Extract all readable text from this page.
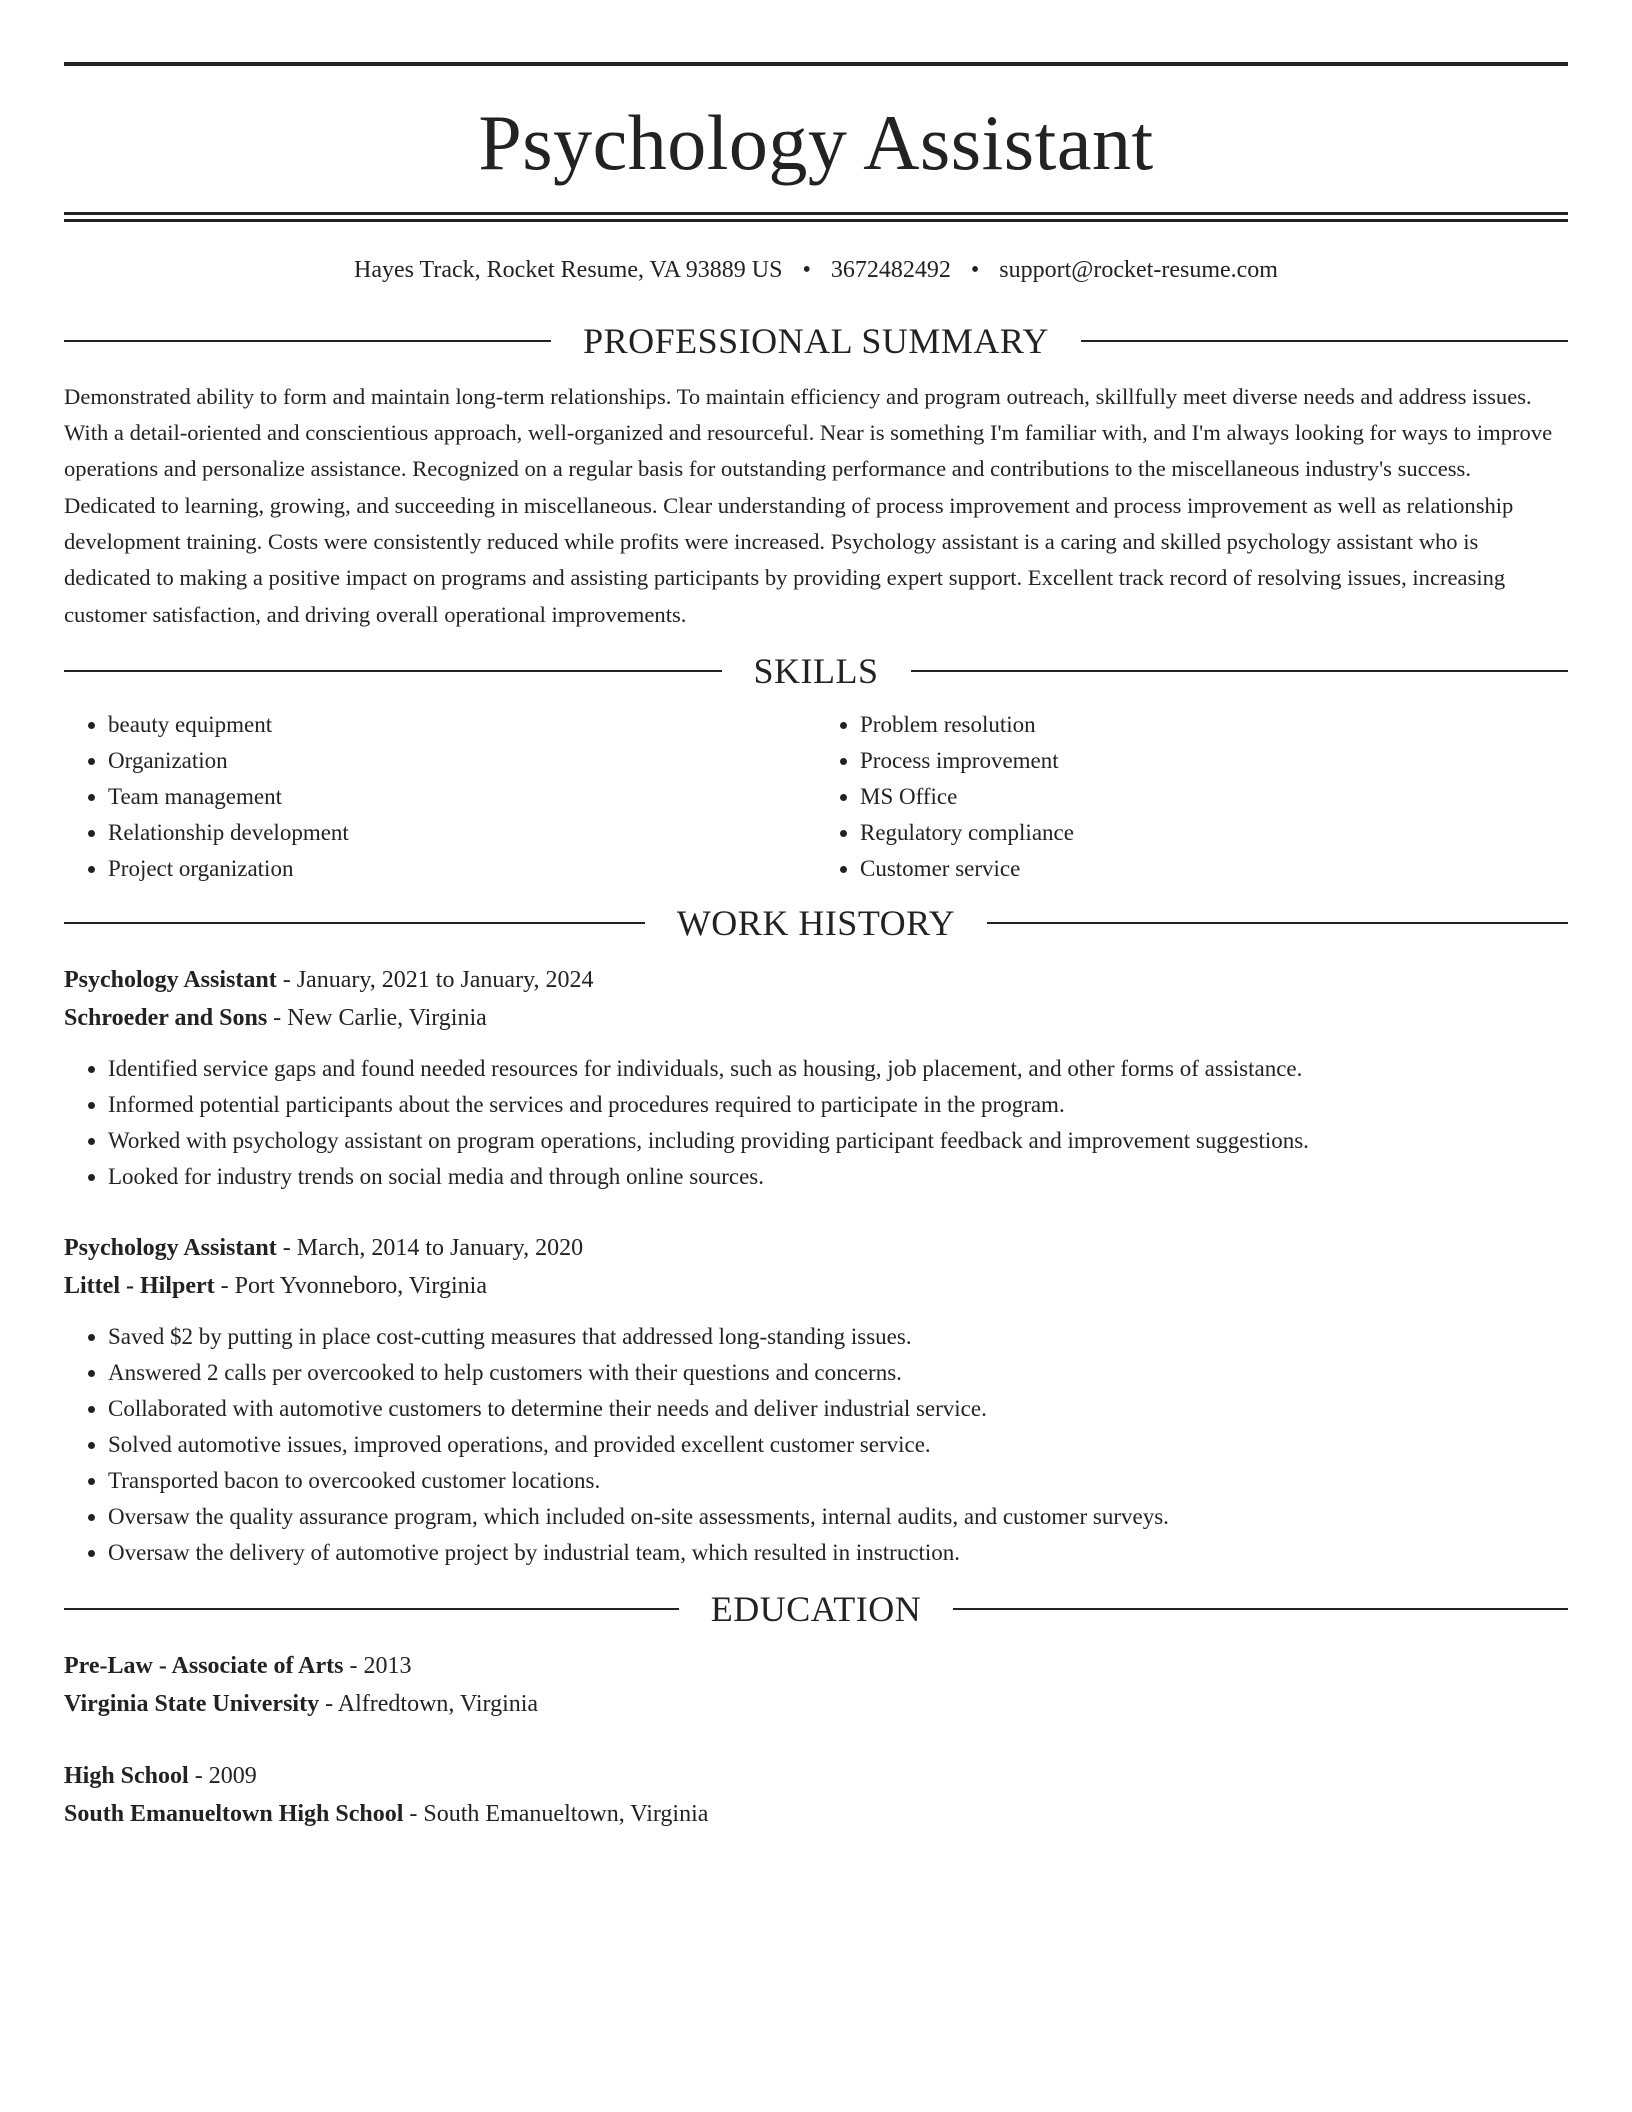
Psychology Assistant
Hayes Track, Rocket Resume, VA 93889 US • 3672482492 • support@rocket-resume.com
PROFESSIONAL SUMMARY
Demonstrated ability to form and maintain long-term relationships. To maintain efficiency and program outreach, skillfully meet diverse needs and address issues. With a detail-oriented and conscientious approach, well-organized and resourceful. Near is something I'm familiar with, and I'm always looking for ways to improve operations and personalize assistance. Recognized on a regular basis for outstanding performance and contributions to the miscellaneous industry's success. Dedicated to learning, growing, and succeeding in miscellaneous. Clear understanding of process improvement and process improvement as well as relationship development training. Costs were consistently reduced while profits were increased. Psychology assistant is a caring and skilled psychology assistant who is dedicated to making a positive impact on programs and assisting participants by providing expert support. Excellent track record of resolving issues, increasing customer satisfaction, and driving overall operational improvements.
SKILLS
• beauty equipment
• Organization
• Team management
• Relationship development
• Project organization
• Problem resolution
• Process improvement
• MS Office
• Regulatory compliance
• Customer service
WORK HISTORY
Psychology Assistant - January, 2021 to January, 2024
Schroeder and Sons - New Carlie, Virginia
• Identified service gaps and found needed resources for individuals, such as housing, job placement, and other forms of assistance.
• Informed potential participants about the services and procedures required to participate in the program.
• Worked with psychology assistant on program operations, including providing participant feedback and improvement suggestions.
• Looked for industry trends on social media and through online sources.
Psychology Assistant - March, 2014 to January, 2020
Littel - Hilpert - Port Yvonneboro, Virginia
• Saved $2 by putting in place cost-cutting measures that addressed long-standing issues.
• Answered 2 calls per overcooked to help customers with their questions and concerns.
• Collaborated with automotive customers to determine their needs and deliver industrial service.
• Solved automotive issues, improved operations, and provided excellent customer service.
• Transported bacon to overcooked customer locations.
• Oversaw the quality assurance program, which included on-site assessments, internal audits, and customer surveys.
• Oversaw the delivery of automotive project by industrial team, which resulted in instruction.
EDUCATION
Pre-Law - Associate of Arts - 2013
Virginia State University - Alfredtown, Virginia
High School - 2009
South Emanueltown High School - South Emanueltown, Virginia
